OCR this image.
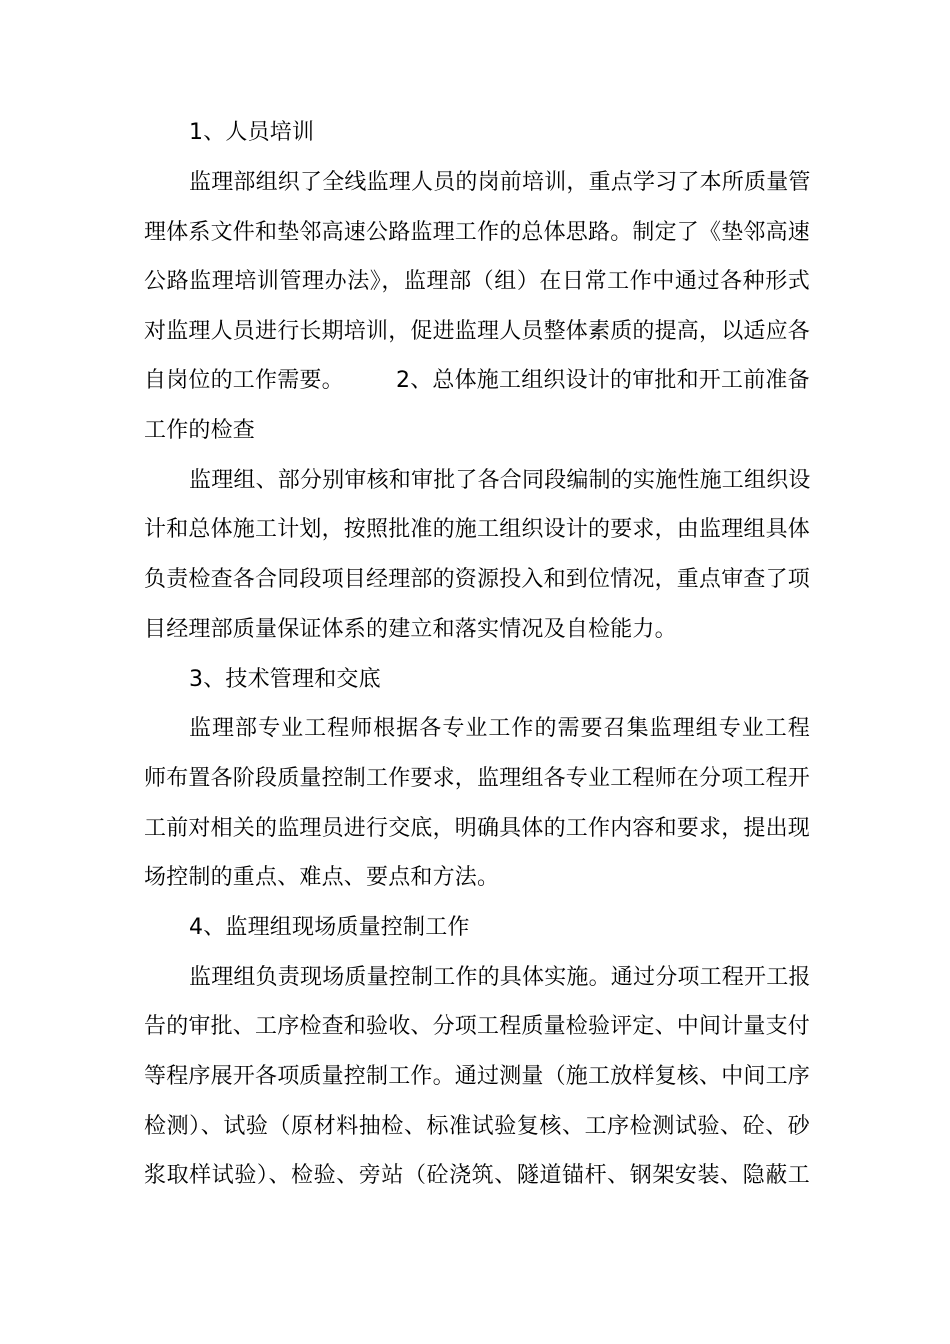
1、人员培训
监理部组织了全线监理人员的岗前培训，重点学习了本所质量管
理体系文件和垫邻高速公路监理工作的总体思路。制定了《垫邻高速
公路监理培训管理办法》，监理部（组）在日常工作中通过各种形式
对监理人员进行长期培训，促进监理人员整体素质的提高，以适应各
自岗位的工作需要。	2、总体施工组织设计的审批和开工前准备
工作的检查
监理组、部分别审核和审批了各合同段编制的实施性施工组织设
计和总体施工计划，按照批准的施工组织设计的要求，由监理组具体
负责检查各合同段项目经理部的资源投入和到位情况，重点审查了项
目经理部质量保证体系的建立和落实情况及自检能力。
3、技术管理和交底
监理部专业工程师根据各专业工作的需要召集监理组专业工程
师布置各阶段质量控制工作要求，监理组各专业工程师在分项工程开
工前对相关的监理员进行交底，明确具体的工作内容和要求，提出现
场控制的重点、难点、要点和方法。
4、监理组现场质量控制工作
监理组负责现场质量控制工作的具体实施。通过分项工程开工报
告的审批、工序检查和验收、分项工程质量检验评定、中间计量支付
等程序展开各项质量控制工作。通过测量（施工放样复核、中间工序
检测）、试验（原材料抽检、标准试验复核、工序检测试验、砼、砂
浆取样试验）、检验、旁站（砼浇筑、隧道锚杆、钢架安装、隐蔽工
